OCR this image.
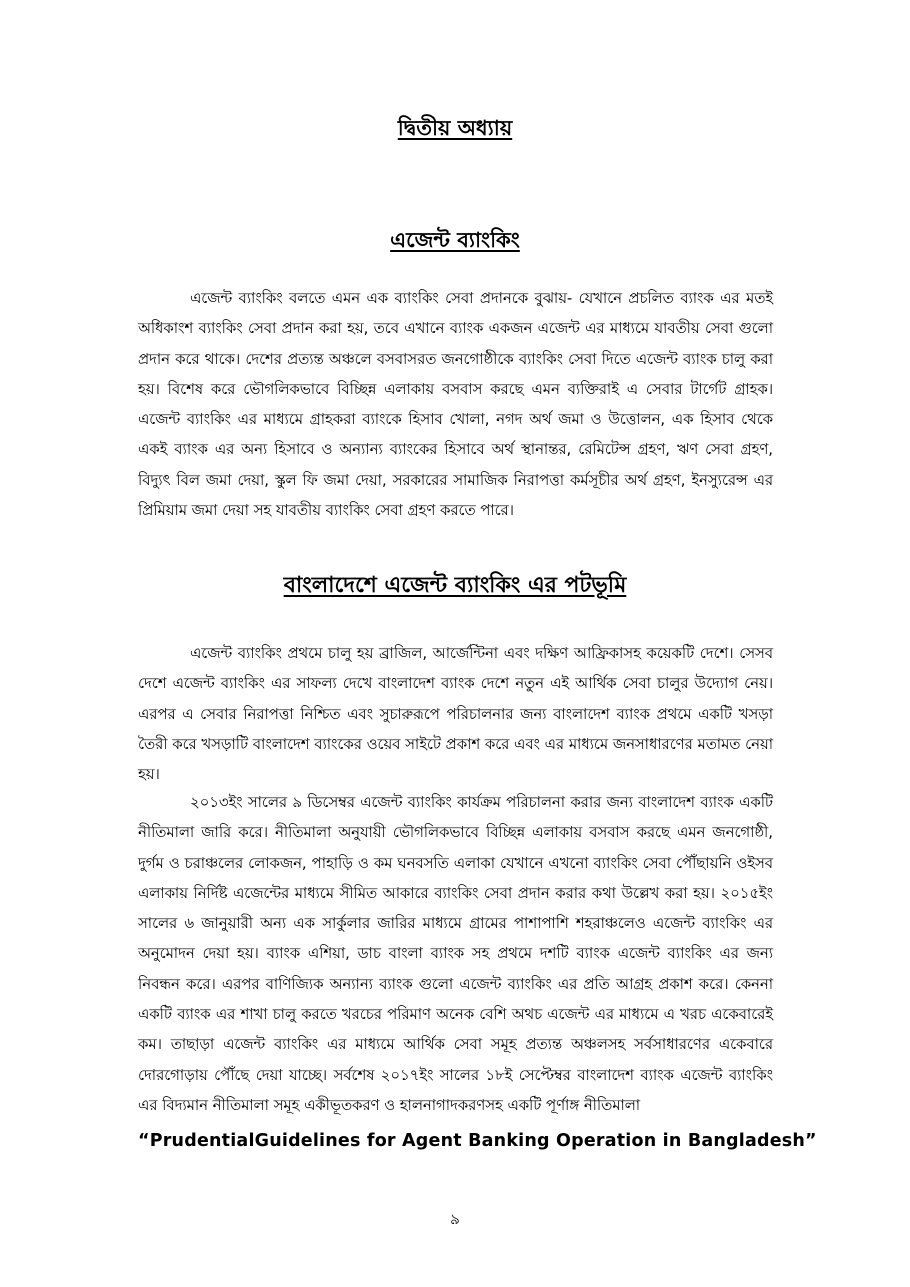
দ্বিতীয় অধ্যায়
এজেন্ট ব্যাংকিং

এজেন্ট ব্যাংকিং বলতে এমন এক ব্যাংকিং সেবা প্রদানকে বুঝায়- যেখানে প্রচলিত ব্যাংক এর মতই অধিকাংশ ব্যাংকিং সেবা প্রদান করা হয়, তবে এখানে ব্যাংক একজন এজেন্ট এর মাধ্যমে যাবতীয় সেবা গুলো প্রদান করে থাকে। দেশের প্রত্যন্ত অঞ্চলে বসবাসরত জনগোষ্ঠীকে ব্যাংকিং সেবা দিতে এজেন্ট ব্যাংক চালু করা হয়। বিশেষ করে ভৌগলিকভাবে বিচ্ছিন্ন এলাকায় বসবাস করছে এমন ব্যক্তিরাই এ সেবার টার্গেট গ্রাহক। এজেন্ট ব্যাংকিং এর মাধ্যমে গ্রাহকরা ব্যাংকে হিসাব খোলা, নগদ অর্থ জমা ও উত্তোলন, এক হিসাব থেকে একই ব্যাংক এর অন্য হিসাবে ও অন্যান্য ব্যাংকের হিসাবে অর্থ স্থানান্তর, রেমিটেন্স গ্রহণ, ঋণ সেবা গ্রহণ, বিদ্যুৎ বিল জমা দেয়া, স্কুল ফি জমা দেয়া, সরকারের সামাজিক নিরাপত্তা কর্মসূচীর অর্থ গ্রহণ, ইনস্যুরেন্স এর প্রিমিয়াম জমা দেয়া সহ যাবতীয় ব্যাংকিং সেবা গ্রহণ করতে পারে।

বাংলাদেশে এজেন্ট ব্যাংকিং এর পটভূমি

এজেন্ট ব্যাংকিং প্রথমে চালু হয় ব্রাজিল, আর্জেন্টিনা এবং দক্ষিণ আফ্রিকাসহ কয়েকটি দেশে। সেসব দেশে এজেন্ট ব্যাংকিং এর সাফল্য দেখে বাংলাদেশ ব্যাংক দেশে নতুন এই আর্থিক সেবা চালুর উদ্যোগ নেয়। এরপর এ সেবার নিরাপত্তা নিশ্চিত এবং সুচারুরূপে পরিচালনার জন্য বাংলাদেশ ব্যাংক প্রথমে একটি খসড়া তৈরী করে খসড়াটি বাংলাদেশ ব্যাংকের ওয়েব সাইটে প্রকাশ করে এবং এর মাধ্যমে জনসাধারণের মতামত নেয়া হয়।

২০১৩ইং সালের ৯ ডিসেম্বর এজেন্ট ব্যাংকিং কার্যক্রম পরিচালনা করার জন্য বাংলাদেশ ব্যাংক একটি নীতিমালা জারি করে। নীতিমালা অনুযায়ী ভৌগলিকভাবে বিচ্ছিন্ন এলাকায় বসবাস করছে এমন জনগোষ্ঠী, দুর্গম ও চরাঞ্চলের লোকজন, পাহাড়ি ও কম ঘনবসতি এলাকা যেখানে এখনো ব্যাংকিং সেবা পৌঁছায়নি ওইসব এলাকায় নির্দিষ্ট এজেন্টের মাধ্যমে সীমিত আকারে ব্যাংকিং সেবা প্রদান করার কথা উল্লেখ করা হয়। ২০১৫ইং সালের ৬ জানুয়ারী অন্য এক সার্কুলার জারির মাধ্যমে গ্রামের পাশাপাশি শহরাঞ্চলেও এজেন্ট ব্যাংকিং এর অনুমোদন দেয়া হয়। ব্যাংক এশিয়া, ডাচ বাংলা ব্যাংক সহ প্রথমে দশটি ব্যাংক এজেন্ট ব্যাংকিং এর জন্য নিবন্ধন করে। এরপর বাণিজ্যিক অন্যান্য ব্যাংক গুলো এজেন্ট ব্যাংকিং এর প্রতি আগ্রহ প্রকাশ করে। কেননা একটি ব্যাংক এর শাখা চালু করতে খরচের পরিমাণ অনেক বেশি অথচ এজেন্ট এর মাধ্যমে এ খরচ একেবারেই কম। তাছাড়া এজেন্ট ব্যাংকিং এর মাধ্যমে আর্থিক সেবা সমূহ প্রত্যন্ত অঞ্চলসহ সর্বসাধারণের একেবারে দোরগোড়ায় পৌঁছে দেয়া যাচ্ছে। সর্বশেষ ২০১৭ইং সালের ১৮ই সেপ্টেম্বর বাংলাদেশ ব্যাংক এজেন্ট ব্যাংকিং এর বিদ্যমান নীতিমালা সমূহ একীভূতকরণ ও হালনাগাদকরণসহ একটি পূর্ণাঙ্গ নীতিমালা

“PrudentialGuidelines for Agent Banking Operation in Bangladesh”
৯
